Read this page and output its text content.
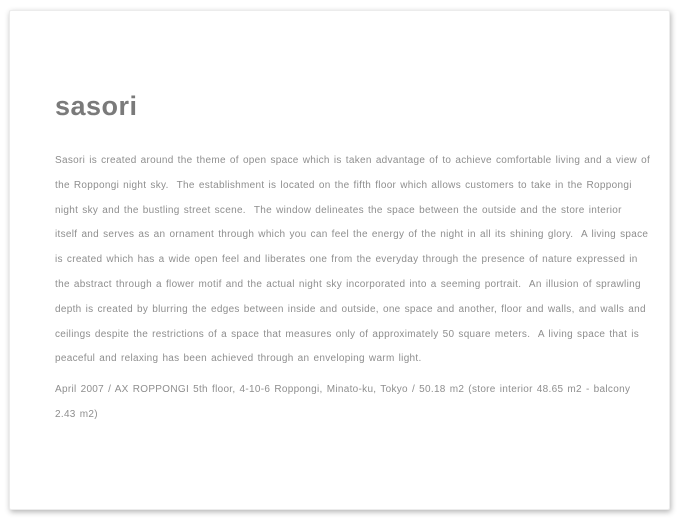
sasori
Sasori is created around the theme of open space which is taken advantage of to achieve comfortable living and a view of
the Roppongi night sky.  The establishment is located on the fifth floor which allows customers to take in the Roppongi
night sky and the bustling street scene.  The window delineates the space between the outside and the store interior
itself and serves as an ornament through which you can feel the energy of the night in all its shining glory.  A living space
is created which has a wide open feel and liberates one from the everyday through the presence of nature expressed in
the abstract through a flower motif and the actual night sky incorporated into a seeming portrait.  An illusion of sprawling
depth is created by blurring the edges between inside and outside, one space and another, floor and walls, and walls and
ceilings despite the restrictions of a space that measures only of approximately 50 square meters.  A living space that is
peaceful and relaxing has been achieved through an enveloping warm light.
April 2007 / AX ROPPONGI 5th floor, 4-10-6 Roppongi, Minato-ku, Tokyo / 50.18 m2 (store interior 48.65 m2 - balcony
2.43 m2)
